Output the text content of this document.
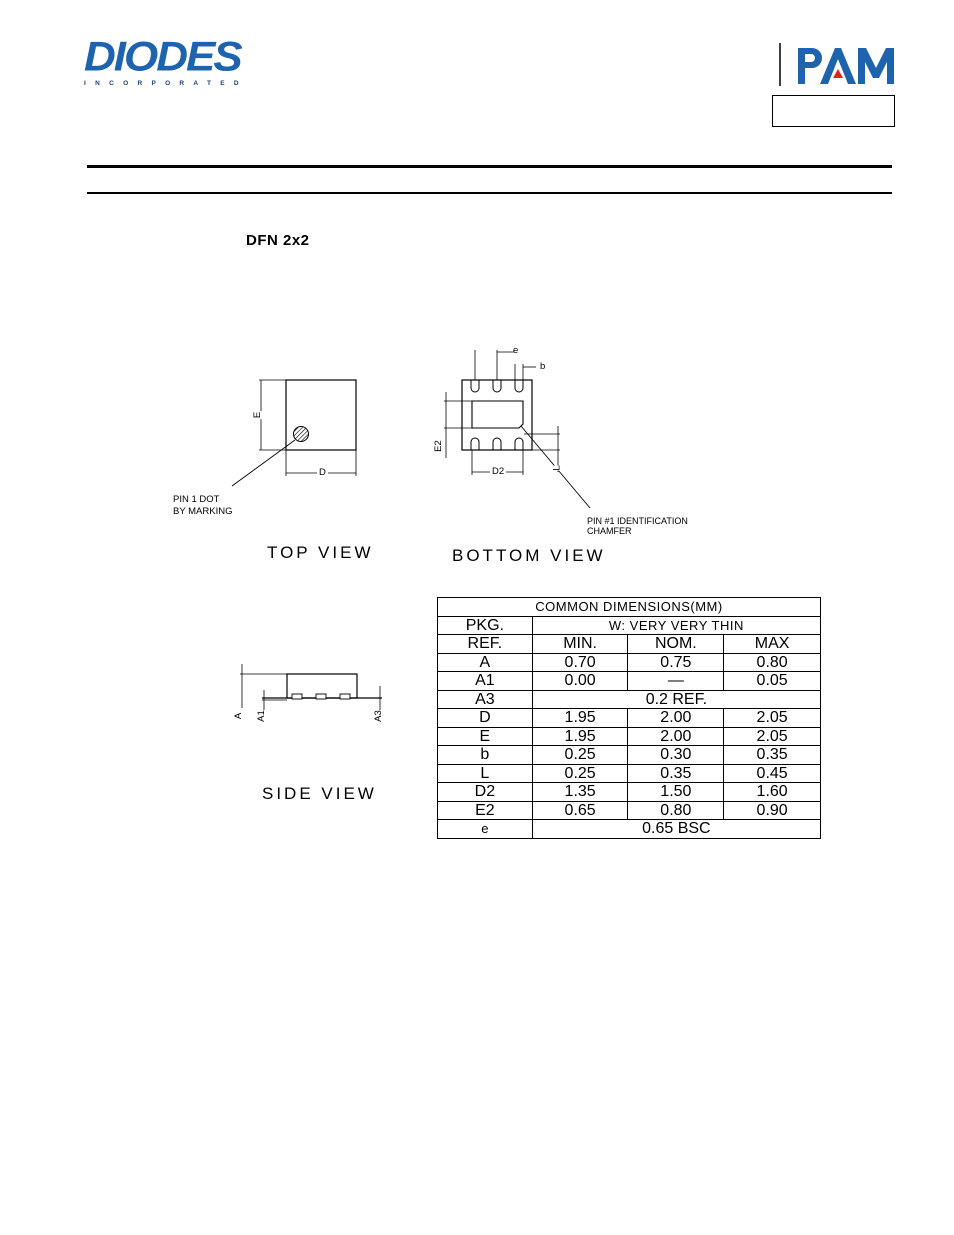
DIODES
INCORPORATED
DFN 2x2
E
D
PIN 1 DOT
BY MARKING
TOP VIEW
e
b
E2
D2	L
PIN #1 IDENTIFICATION
CHAMFER
BOTTOM VIEW
A A1	A3
SIDE VIEW
COMMON DIMENSIONS(MM)			
PKG.	W: VERY VERY THIN		
REF.	MIN.	NOM.	MAX
A	0.70	0.75	0.80
A1	0.00	—	0.05
A3	0.2 REF.		
D	1.95	2.00	2.05
E	1.95	2.00	2.05
b	0.25	0.30	0.35
L	0.25	0.35	0.45
D2	1.35	1.50	1.60
E2	0.65	0.80	0.90
e	0.65 BSC		
